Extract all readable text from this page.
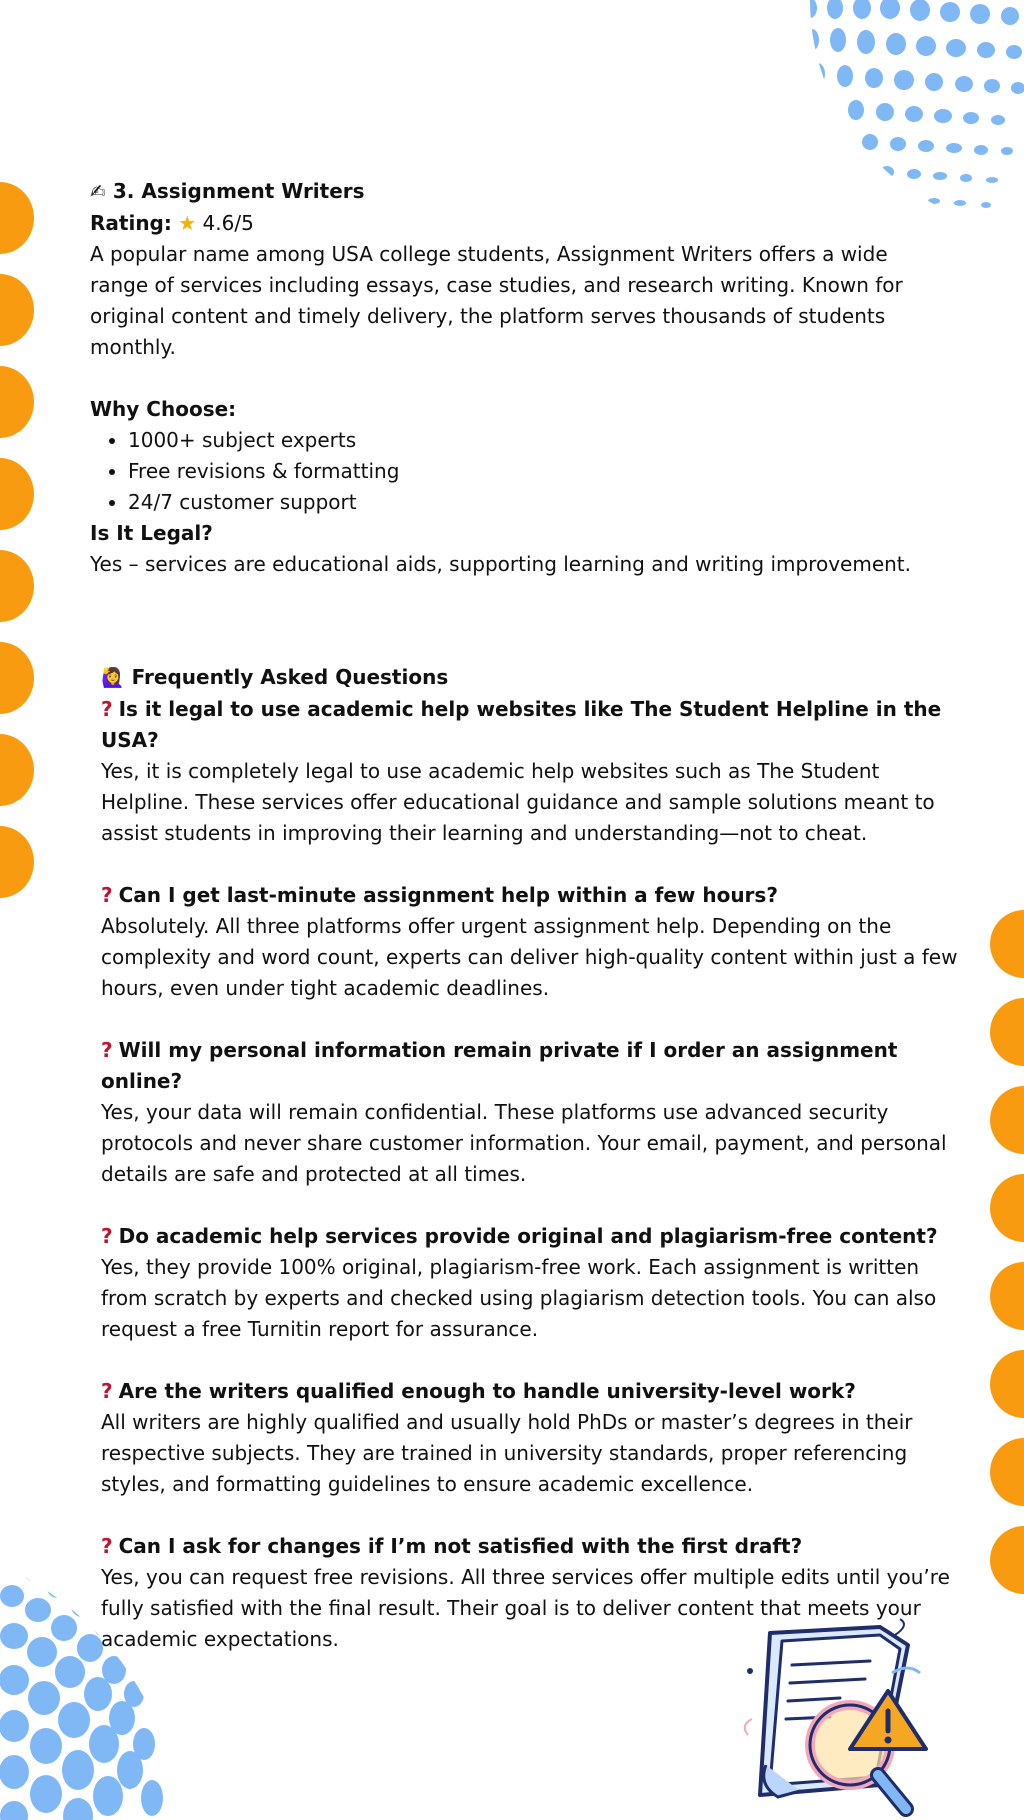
✍ 3. Assignment Writers

Rating: ★ 4.6/5

A popular name among USA college students, Assignment Writers offers a wide range of services including essays, case studies, and research writing. Known for original content and timely delivery, the platform serves thousands of students monthly.

Why Choose:

• 1000+ subject experts
• Free revisions & formatting
• 24/7 customer support

Is It Legal?

Yes – services are educational aids, supporting learning and writing improvement.

🙋‍♀️ Frequently Asked Questions

? Is it legal to use academic help websites like The Student Helpline in the USA?

Yes, it is completely legal to use academic help websites such as The Student Helpline. These services offer educational guidance and sample solutions meant to assist students in improving their learning and understanding—not to cheat.

? Can I get last-minute assignment help within a few hours?

Absolutely. All three platforms offer urgent assignment help. Depending on the complexity and word count, experts can deliver high-quality content within just a few hours, even under tight academic deadlines.

? Will my personal information remain private if I order an assignment online?

Yes, your data will remain confidential. These platforms use advanced security protocols and never share customer information. Your email, payment, and personal details are safe and protected at all times.

? Do academic help services provide original and plagiarism-free content?

Yes, they provide 100% original, plagiarism-free work. Each assignment is written from scratch by experts and checked using plagiarism detection tools. You can also request a free Turnitin report for assurance.

? Are the writers qualified enough to handle university-level work?

All writers are highly qualified and usually hold PhDs or master’s degrees in their respective subjects. They are trained in university standards, proper referencing styles, and formatting guidelines to ensure academic excellence.

? Can I ask for changes if I’m not satisfied with the first draft?

Yes, you can request free revisions. All three services offer multiple edits until you’re fully satisfied with the final result. Their goal is to deliver content that meets your academic expectations.
